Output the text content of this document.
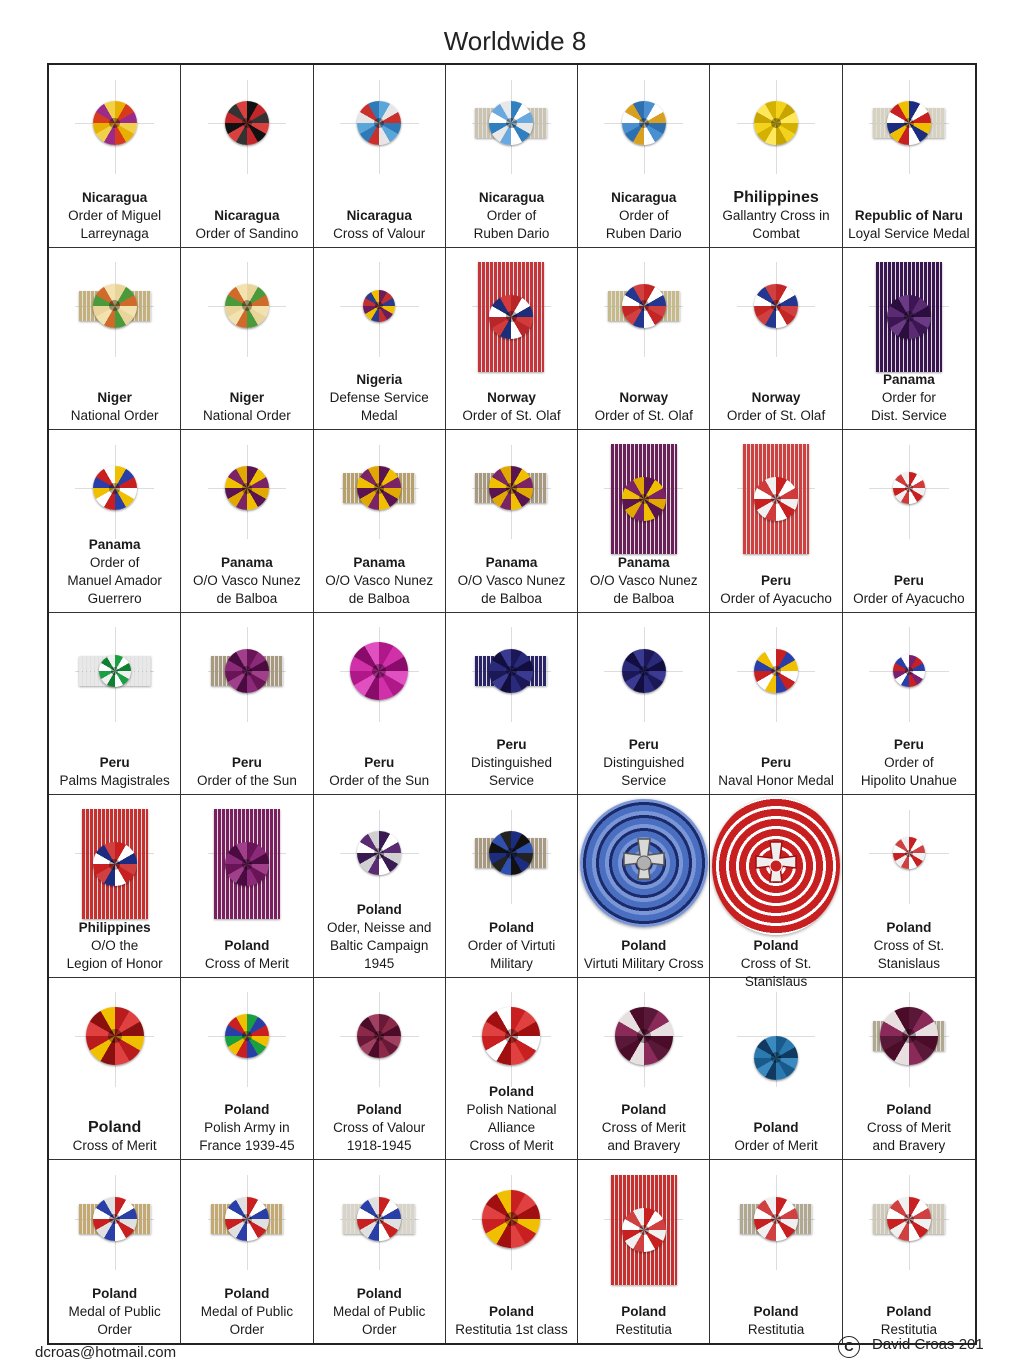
Worldwide 8
Nicaragua
Order of Miguel
Larreynaga
Nicaragua
Order of Sandino
Nicaragua
Cross of Valour
Nicaragua
Order of
Ruben Dario
Nicaragua
Order of
Ruben Dario
Philippines
Gallantry Cross in
Combat
Republic of Naru
Loyal Service Medal
Niger
National Order
Niger
National Order
Nigeria
Defense Service
Medal
Norway
Order of St. Olaf
Norway
Order of St. Olaf
Norway
Order of St. Olaf
Panama
Order for
Dist. Service
Panama
Order of
Manuel Amador
Guerrero
Panama
O/O Vasco Nunez
de Balboa
Panama
O/O Vasco Nunez
de Balboa
Panama
O/O Vasco Nunez
de Balboa
Panama
O/O Vasco Nunez
de Balboa
Peru
Order of Ayacucho
Peru
Order of Ayacucho
Peru
Palms Magistrales
Peru
Order of the Sun
Peru
Order of the Sun
Peru
Distinguished
Service
Peru
Distinguished
Service
Peru
Naval Honor Medal
Peru
Order of
Hipolito Unahue
Philippines
O/O the
Legion of Honor
Poland
Cross of Merit
Poland
Oder, Neisse and
Baltic Campaign
1945
Poland
Order of Virtuti
Military
Poland
Virtuti Military Cross
Poland
Cross of St.
Stanislaus
Poland
Cross of St.
Stanislaus
Poland
Cross of Merit
Poland
Polish Army in
France 1939-45
Poland
Cross of Valour
1918-1945
Poland
Polish National
Alliance
Cross of Merit
Poland
Cross of Merit
and Bravery
Poland
Order of Merit
Poland
Cross of Merit
and Bravery
Poland
Medal of Public
Order
Poland
Medal of Public
Order
Poland
Medal of Public
Order
Poland
Restitutia 1st class
Poland
Restitutia
Poland
Restitutia
Poland
Restitutia
dcroas@hotmail.com	C David Croas 201
